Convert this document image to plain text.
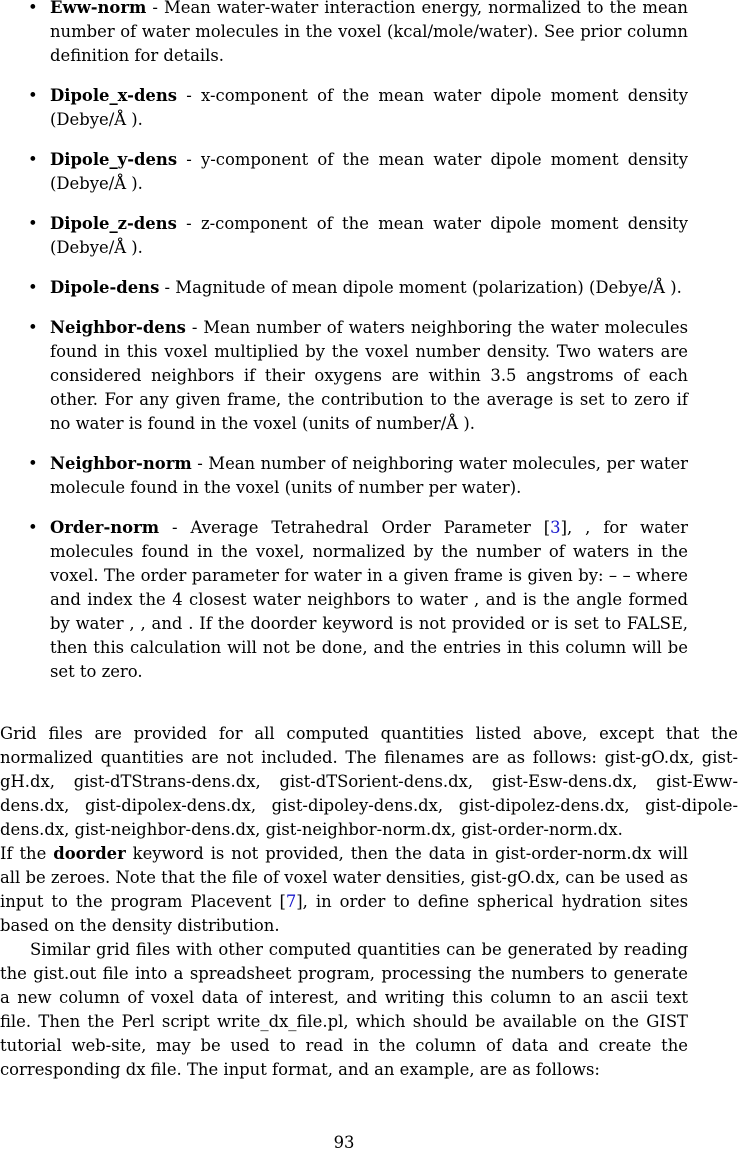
• Eww-norm - Mean water-water interaction energy, normalized to the mean number of water molecules in the voxel (kcal/mole/water). See prior column definition for details.
• Dipole_x-dens - x-component of the mean water dipole moment density (Debye/Å ).
• Dipole_y-dens - y-component of the mean water dipole moment density (Debye/Å ).
• Dipole_z-dens - z-component of the mean water dipole moment density (Debye/Å ).
• Dipole-dens - Magnitude of mean dipole moment (polarization) (Debye/Å ).
• Neighbor-dens - Mean number of waters neighboring the water molecules found in this voxel multiplied by the voxel number density. Two waters are considered neighbors if their oxygens are within 3.5 angstroms of each other. For any given frame, the contribution to the average is set to zero if no water is found in the voxel (units of number/Å ).
• Neighbor-norm - Mean number of neighboring water molecules, per water molecule found in the voxel (units of number per water).
• Order-norm - Average Tetrahedral Order Parameter [3], , for water molecules found in the voxel, normalized by the number of waters in the voxel. The order parameter for water in a given frame is given by: – – where and index the 4 closest water neighbors to water , and is the angle formed by water , , and . If the doorder keyword is not provided or is set to FALSE, then this calculation will not be done, and the entries in this column will be set to zero.

Grid files are provided for all computed quantities listed above, except that the normalized quantities are not included. The filenames are as follows: gist-gO.dx, gist-gH.dx, gist-dTStrans-dens.dx, gist-dTSorient-dens.dx, gist-Esw-dens.dx, gist-Eww-dens.dx, gist-dipolex-dens.dx, gist-dipoley-dens.dx, gist-dipolez-dens.dx, gist-dipole-dens.dx, gist-neighbor-dens.dx, gist-neighbor-norm.dx, gist-order-norm.dx.

If the doorder keyword is not provided, then the data in gist-order-norm.dx will all be zeroes. Note that the file of voxel water densities, gist-gO.dx, can be used as input to the program Placevent [7], in order to define spherical hydration sites based on the density distribution.

Similar grid files with other computed quantities can be generated by reading the gist.out file into a spreadsheet program, processing the numbers to generate a new column of voxel data of interest, and writing this column to an ascii text file. Then the Perl script write_dx_file.pl, which should be available on the GIST tutorial web-site, may be used to read in the column of data and create the corresponding dx file. The input format, and an example, are as follows:

93
